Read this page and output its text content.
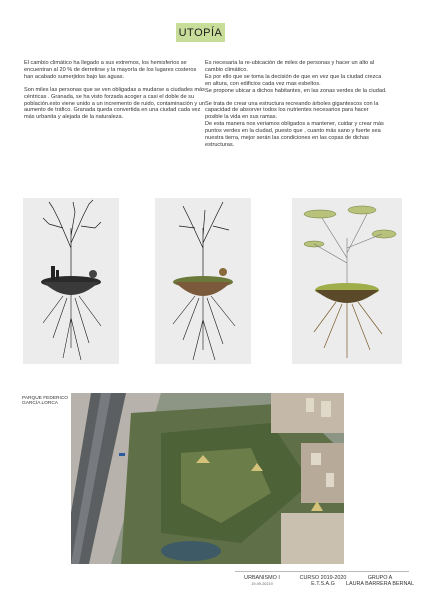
UTOPÍA

El cambio climático ha llegado a sus extremos, los hemisferios se encuentran al 20 % de derretirse y la mayoría de los lugares costeros han acabado sumerjidos bajo las aguas.

Son miles las personas que se ven obligadas a mudarse a ciudades más céntricas . Granada, se ha visto forzada acoger a casi el doble de su población.esto viene unido a un incremento de ruido, contaminación y un aumento de tráfico. Granada queda convertida en una ciudad cada vez más urbanita y alejada de la naturaleza.

Es necesaria la re-ubicación de miles de personas y hacer un alto al cambio climático.

Es por ello que se toma la decisión de que en vez que la ciudad crezca en altura, con edificios cada vez mas esbeltos.

Se propone ubicar a dichos habitantes, en las zonas verdes de la ciudad.

Se trata de crear una estructura recreando árboles gigantescos con la capacidad de absorver todos los nutrientes necesarios para hacer posible la vida en sus ramas.

De esta manera nos veriamos obligados a mantener, cuidar y crear más puntos verdes en la ciudad, puesto que , cuanto más sano y fuerte sea nuestra tierra, mejor serán las condiciones en las copas de dichas estructuras.

PARQUE FEDERICO GARCÍA LORCA
URBANISMO I
19-09-20219
CURSO 2019-2020
E.T.S.A.G
GRUPO A
LAURA BARRERA BERNAL
